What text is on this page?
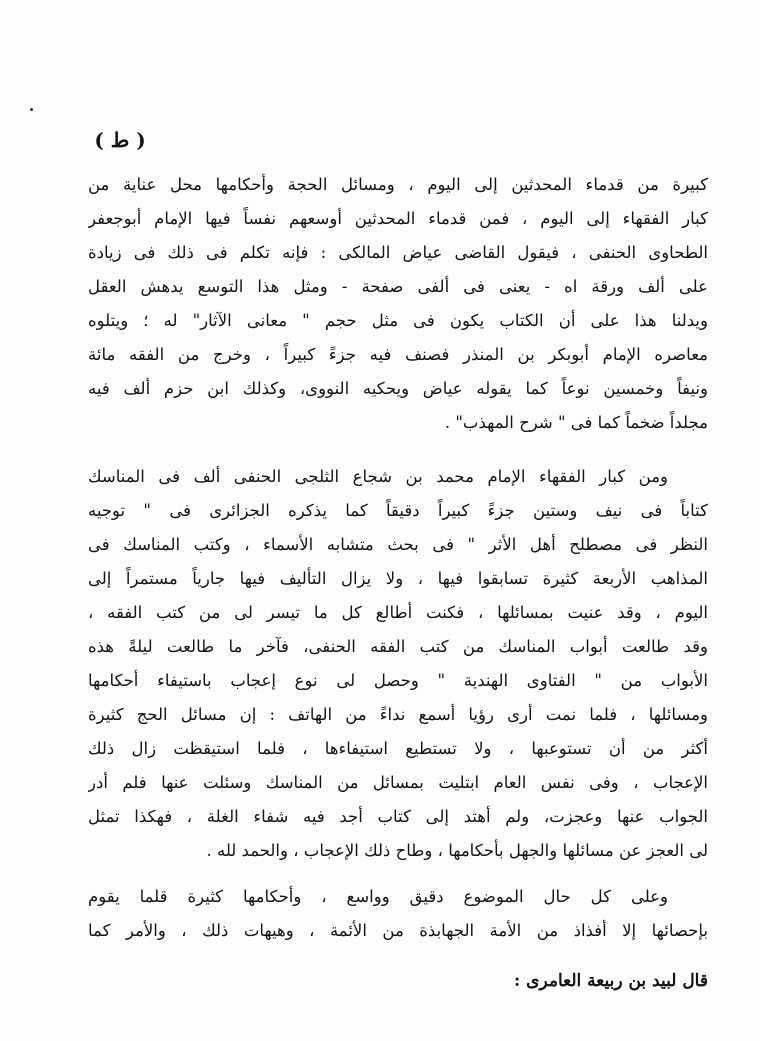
( ط )
كبيرة من قدماء المحدثين إلى اليوم ، ومسائل الحجة وأحكامها محل عناية من
كبار الفقهاء إلى اليوم ، فمن قدماء المحدثين أوسعهم نفساً فيها الإمام أبوجعفر
الطحاوى الحنفى ، فيقول القاضى عياض المالكى : فإنه تكلم فى ذلك فى زيادة
على ألف ورقة اه - يعنى فى ألفى صفحة - ومثل هذا التوسع يدهش العقل
ويدلنا هذا على أن الكتاب يكون فى مثل حجم " معانى الآثار" له ؛ ويتلوه
معاصره الإمام أبوبكر بن المنذر فصنف فيه جزءً كبيراً ، وخرج من الفقه مائة
ونيفاً وخمسين نوعاً كما يقوله عياض ويحكيه النووى، وكذلك ابن حزم ألف فيه
مجلداً ضخماً كما فى " شرح المهذب" .
ومن كبار الفقهاء الإمام محمد بن شجاع الثلجى الحنفى ألف فى المناسك
كتاباً فى نيف وستين جزءً كبيراً دقيقاً كما يذكره الجزائرى فى " توجيه
النظر فى مصطلح أهل الأثر " فى بحث متشابه الأسماء ، وكتب المناسك فى
المذاهب الأربعة كثيرة تسابقوا فيها ، ولا يزال التأليف فيها جارياً مستمراً إلى
اليوم ، وقد عنيت بمسائلها ، فكنت أطالع كل ما تيسر لى من كتب الفقه ،
وقد طالعت أبواب المناسك من كتب الفقه الحنفى، فآخر ما طالعت ليلةً هذه
الأبواب من " الفتاوى الهندية " وحصل لى نوع إعجاب باستيفاء أحكامها
ومسائلها ، فلما نمت أرى رؤيا أسمع نداءً من الهاتف : إن مسائل الحج كثيرة
أكثر من أن تستوعبها ، ولا تستطيع استيفاءها ، فلما استيقظت زال ذلك
الإعجاب ، وفى نفس العام ابتليت بمسائل من المناسك وسئلت عنها فلم أدر
الجواب عنها وعجزت، ولم أهتد إلى كتاب أجد فيه شفاء الغلة ، فهكذا تمثل
لى العجز عن مسائلها والجهل بأحكامها ، وطاح ذلك الإعجاب ، والحمد لله .
وعلى كل حال الموضوع دقيق وواسع ، وأحكامها كثيرة قلما يقوم
بإحصائها إلا أفذاذ من الأمة الجهابذة من الأئمة ، وهيهات ذلك ، والأمر كما
قال لبيد بن ربيعة العامرى :
